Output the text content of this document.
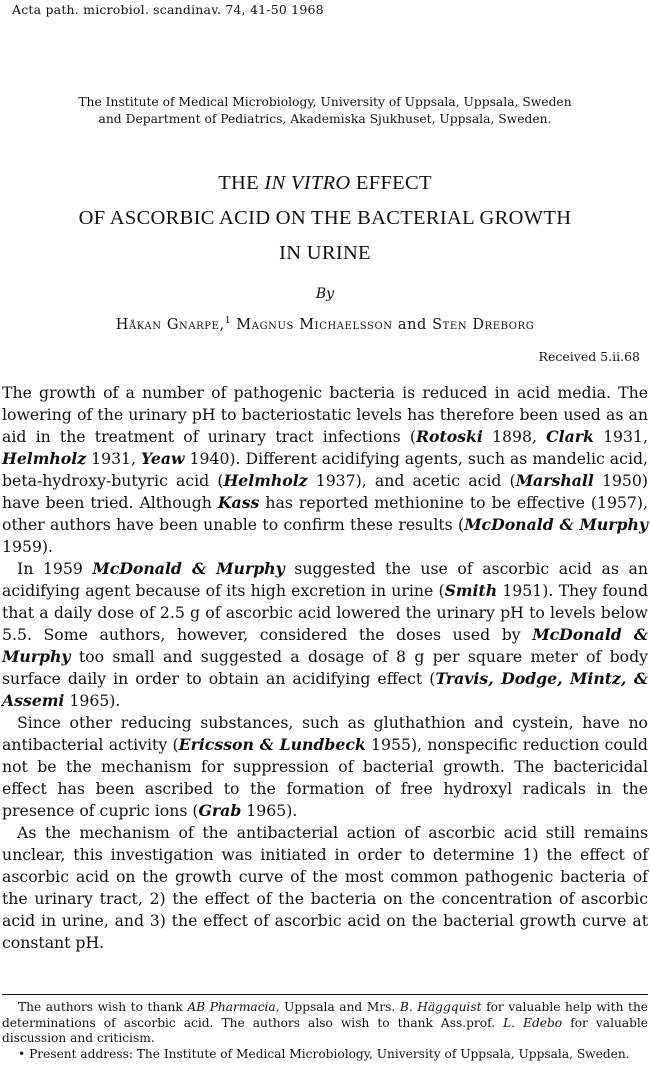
Acta path. microbiol. scandinav. 74, 41-50 1968
The Institute of Medical Microbiology, University of Uppsala, Uppsala, Sweden
and Department of Pediatrics, Akademiska Sjukhuset, Uppsala, Sweden.
THE IN VITRO EFFECT
OF ASCORBIC ACID ON THE BACTERIAL GROWTH
IN URINE
By
Håkan Gnarpe,$^1$ Magnus Michaelsson and Sten Dreborg
Received 5.ii.68

The growth of a number of pathogenic bacteria is reduced in acid media. The lowering of the urinary pH to bacteriostatic levels has therefore been used as an aid in the treatment of urinary tract infections (Rotoski 1898, Clark 1931, Helmholz 1931, Yeaw 1940). Different acidifying agents, such as mandelic acid, beta-hydroxy-butyric acid (Helmholz 1937), and acetic acid (Marshall 1950) have been tried. Although Kass has reported methionine to be effective (1957), other authors have been unable to confirm these results (McDonald & Murphy 1959).

In 1959 McDonald & Murphy suggested the use of ascorbic acid as an acidifying agent because of its high excretion in urine (Smith 1951). They found that a daily dose of 2.5 g of ascorbic acid lowered the urinary pH to levels below 5.5. Some authors, however, considered the doses used by McDonald & Murphy too small and suggested a dosage of 8 g per square meter of body surface daily in order to obtain an acidifying effect (Travis, Dodge, Mintz, & Assemi 1965).

Since other reducing substances, such as gluthathion and cystein, have no antibacterial activity (Ericsson & Lundbeck 1955), nonspecific reduction could not be the mechanism for suppression of bacterial growth. The bactericidal effect has been ascribed to the formation of free hydroxyl radicals in the presence of cupric ions (Grab 1965).

As the mechanism of the antibacterial action of ascorbic acid still remains unclear, this investigation was initiated in order to determine 1) the effect of ascorbic acid on the growth curve of the most common pathogenic bacteria of the urinary tract, 2) the effect of the bacteria on the concentration of ascorbic acid in urine, and 3) the effect of ascorbic acid on the bacterial growth curve at constant pH.

The authors wish to thank AB Pharmacia, Uppsala and Mrs. B. Häggquist for valuable help with the determinations of ascorbic acid. The authors also wish to thank Ass.prof. L. Edebo for valuable discussion and criticism.

• Present address: The Institute of Medical Microbiology, University of Uppsala, Uppsala, Sweden.
